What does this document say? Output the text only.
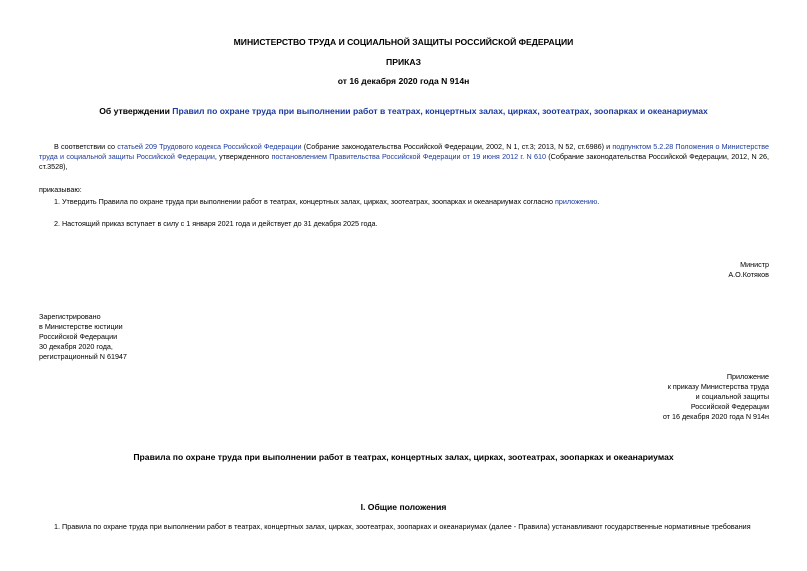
МИНИСТЕРСТВО ТРУДА И СОЦИАЛЬНОЙ ЗАЩИТЫ РОССИЙСКОЙ ФЕДЕРАЦИИ
ПРИКАЗ
от 16 декабря 2020 года N 914н
Об утверждении Правил по охране труда при выполнении работ в театрах, концертных залах, цирках, зоотеатрах, зоопарках и океанариумах

В соответствии со статьей 209 Трудового кодекса Российской Федерации (Собрание законодательства Российской Федерации, 2002, N 1, ст.3; 2013, N 52, ст.6986) и подпунктом 5.2.28 Положения о Министерстве труда и социальной защиты Российской Федерации, утвержденного постановлением Правительства Российской Федерации от 19 июня 2012 г. N 610 (Собрание законодательства Российской Федерации, 2012, N 26, ст.3528),

приказываю:
1. Утвердить Правила по охране труда при выполнении работ в театрах, концертных залах, цирках, зоотеатрах, зоопарках и океанариумах согласно приложению.
2. Настоящий приказ вступает в силу с 1 января 2021 года и действует до 31 декабря 2025 года.
Министр
А.О.Котяков
Зарегистрировано
в Министерстве юстиции
Российской Федерации
30 декабря 2020 года,
регистрационный N 61947
Приложение
к приказу Министерства труда
и социальной защиты
Российской Федерации
от 16 декабря 2020 года N 914н
Правила по охране труда при выполнении работ в театрах, концертных залах, цирках, зоотеатрах, зоопарках и океанариумах
I. Общие положения
1. Правила по охране труда при выполнении работ в театрах, концертных залах, цирках, зоотеатрах, зоопарках и океанариумах (далее - Правила) устанавливают государственные нормативные требования
